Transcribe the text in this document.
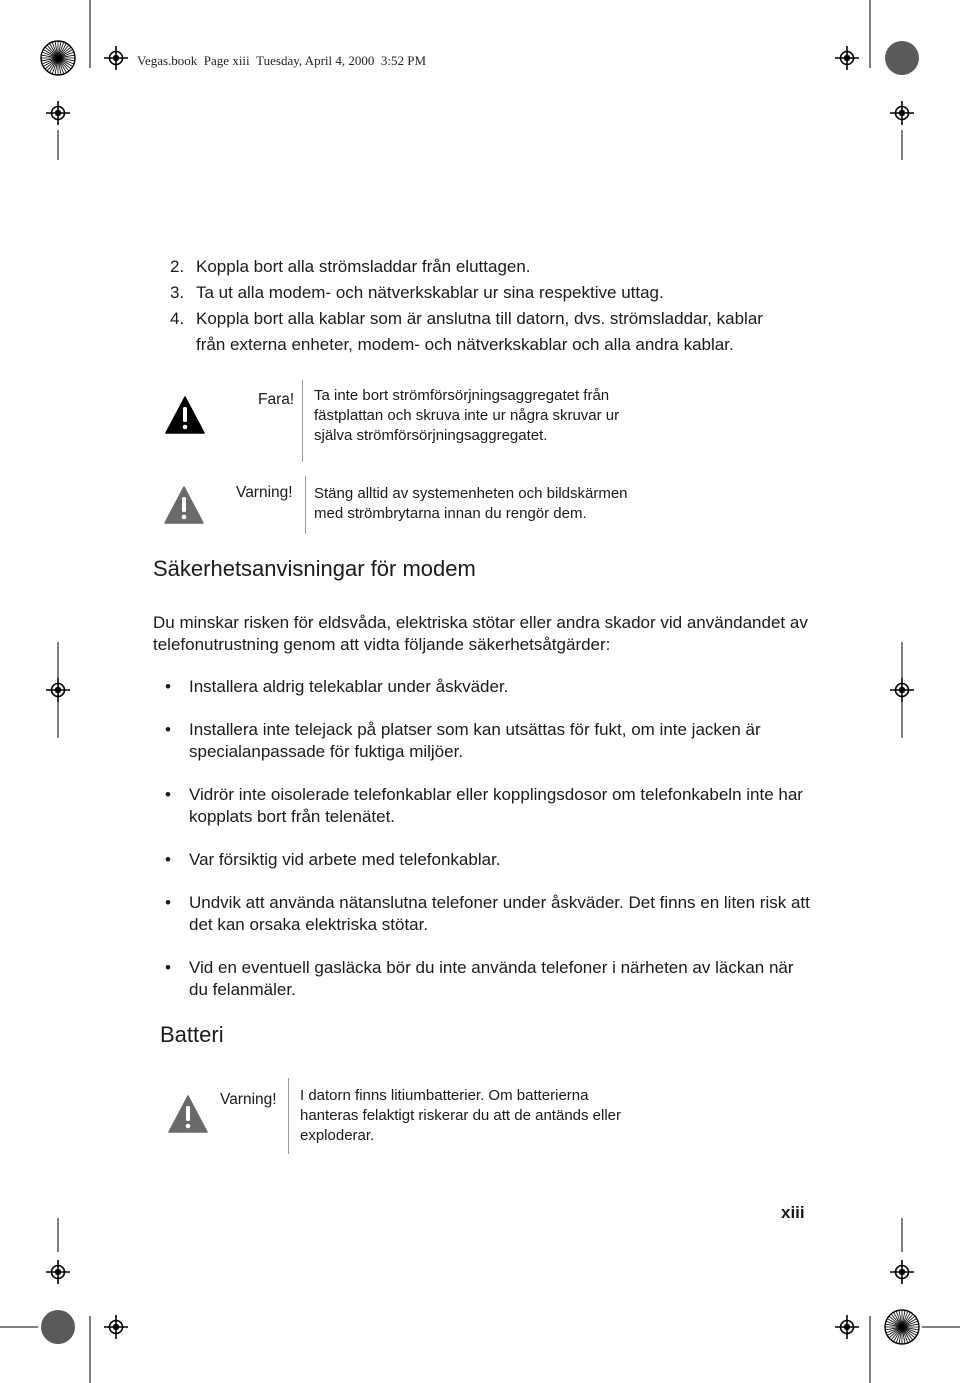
Vegas.book Page xiii Tuesday, April 4, 2000 3:52 PM
2. Koppla bort alla strömsladdar från eluttagen.
3. Ta ut alla modem- och nätverkskablar ur sina respektive uttag.
4. Koppla bort alla kablar som är anslutna till datorn, dvs. strömsladdar, kablar från externa enheter, modem- och nätverkskablar och alla andra kablar.
Fara! Ta inte bort strömförsörjningsaggregatet från
fästplattan och skruva inte ur några skruvar ur
själva strömförsörjningsaggregatet.
Varning! Stäng alltid av systemenheten och bildskärmen
med strömbrytarna innan du rengör dem.
Säkerhetsanvisningar för modem
Du minskar risken för eldsvåda, elektriska stötar eller andra skador vid användandet av telefonutrustning genom att vidta följande säkerhetsåtgärder:
•	Installera aldrig telekablar under åskväder.
•	Installera inte telejack på platser som kan utsättas för fukt, om inte jacken är specialanpassade för fuktiga miljöer.
•	Vidrör inte oisolerade telefonkablar eller kopplingsdosor om telefonkabeln inte har kopplats bort från telenätet.
•	Var försiktig vid arbete med telefonkablar.
•	Undvik att använda nätanslutna telefoner under åskväder. Det finns en liten risk att det kan orsaka elektriska stötar.
•	Vid en eventuell gasläcka bör du inte använda telefoner i närheten av läckan när du felanmäler.
Batteri
Varning! I datorn finns litiumbatterier. Om batterierna
hanteras felaktigt riskerar du att de antänds eller
exploderar.
xiii
